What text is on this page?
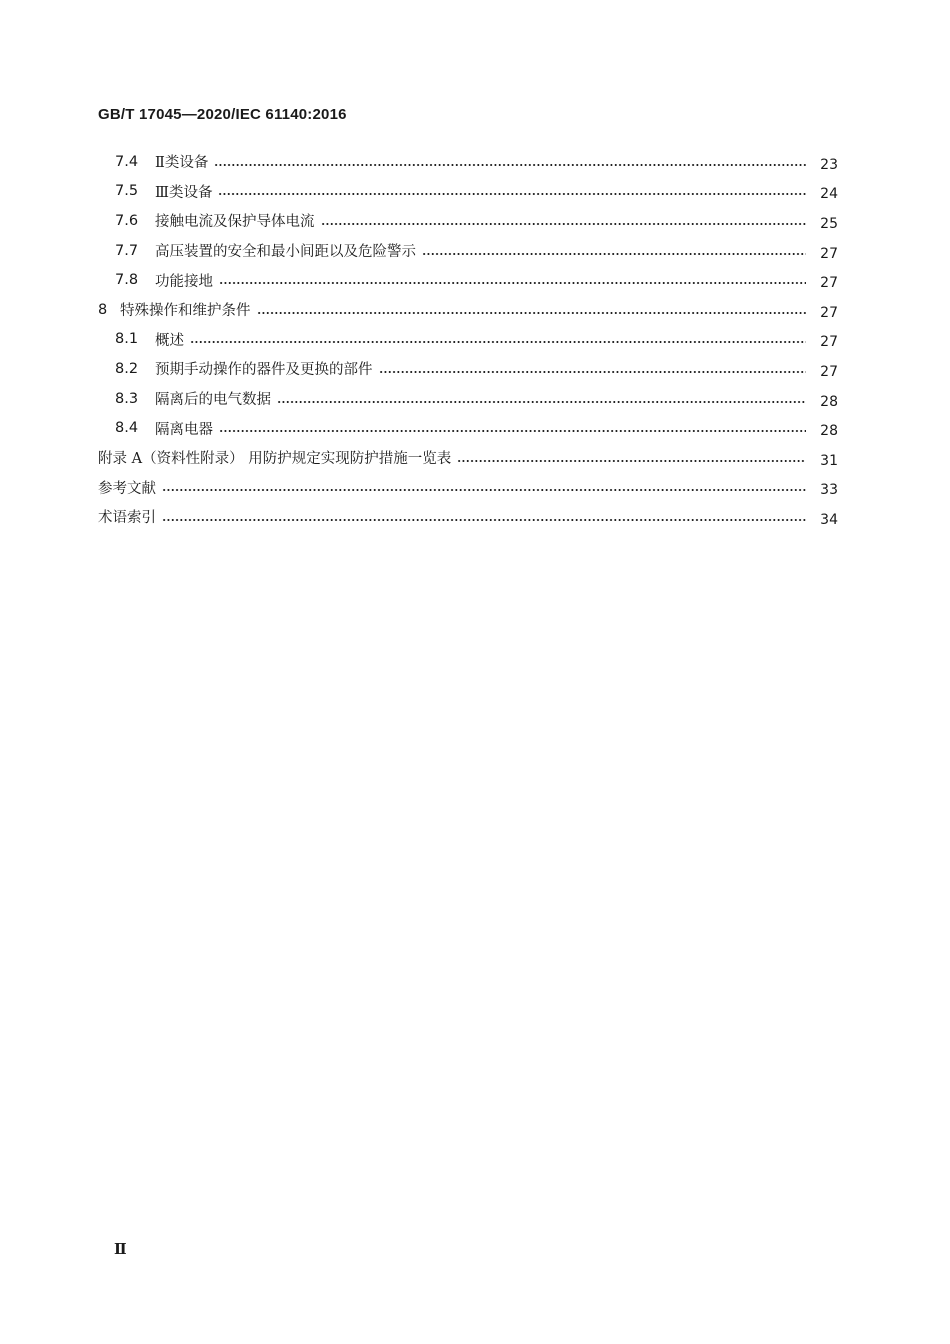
GB/T 17045—2020/IEC 61140:2016
7.4	Ⅱ类设备	23
7.5	Ⅲ类设备	24
7.6	接触电流及保护导体电流	25
7.7	高压装置的安全和最小间距以及危险警示	27
7.8	功能接地	27
8 特殊操作和维护条件	27
8.1	概述	27
8.2	预期手动操作的器件及更换的部件	27
8.3	隔离后的电气数据	28
8.4	隔离电器	28
附录 A（资料性附录） 用防护规定实现防护措施一览表	31
参考文献	33
术语索引	34
Ⅱ
